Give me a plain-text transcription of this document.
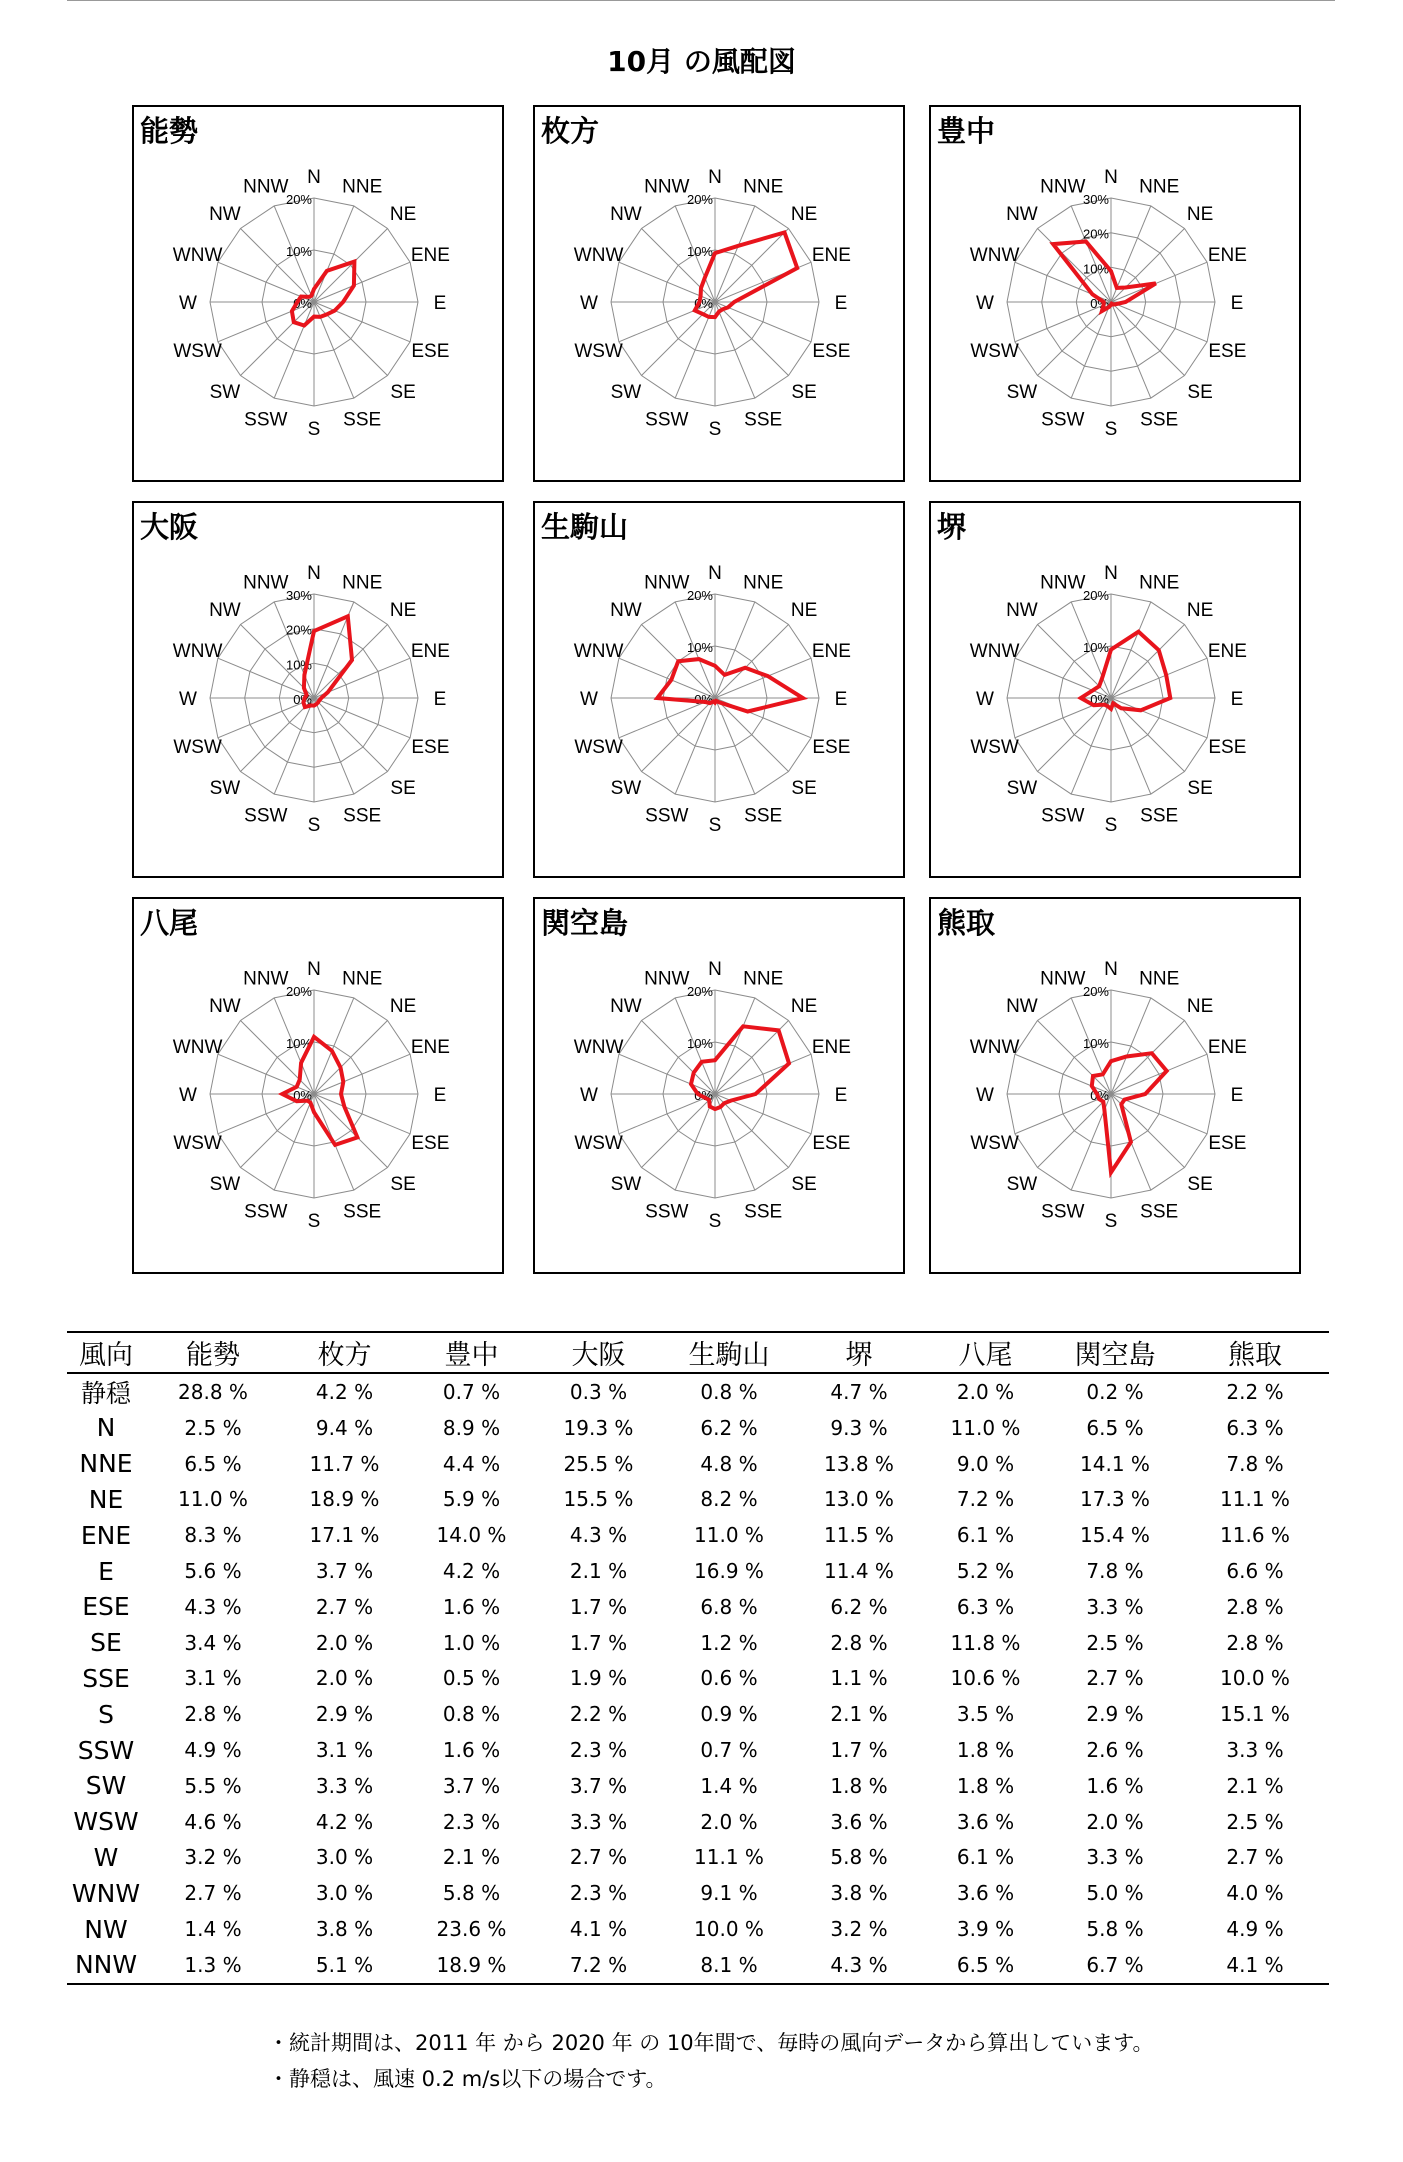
10月 の風配図
能勢
0%
10%
20%
N NNE
NE
ENE
E
ESE
SE
SSE
S
SSW
SW
WSW
W
WNW
NW
NNW
枚方
0%
10%
20%
N NNE
NE
ENE
E
ESE
SE
SSE
S
SSW
SW
WSW
W
WNW
NW
NNW
豊中
0%
10%
20%
30%
N NNE
NE
ENE
E
ESE
SE
SSE
S
SSW
SW
WSW
W
WNW
NW
NNW
大阪
0%
10%
20%
30%
N NNE
NE
ENE
E
ESE
SE
SSE
S
SSW
SW
WSW
W
WNW
NW
NNW
生駒山
0%
10%
20%
N NNE
NE
ENE
E
ESE
SE
SSE
S
SSW
SW
WSW
W
WNW
NW
NNW
堺
0%
10%
20%
N NNE
NE
ENE
E
ESE
SE
SSE
S
SSW
SW
WSW
W
WNW
NW
NNW
八尾
0%
10%
20%
N NNE
NE
ENE
E
ESE
SE
SSE
S
SSW
SW
WSW
W
WNW
NW
NNW
関空島
0%
10%
20%
N NNE
NE
ENE
E
ESE
SE
SSE
S
SSW
SW
WSW
W
WNW
NW
NNW
熊取
0%
10%
20%
N NNE
NE
ENE
E
ESE
SE
SSE
S
SSW
SW
WSW
W
WNW
NW
NNW
風向	能勢	枚方	豊中	大阪	生駒山	堺	八尾	関空島	熊取
静穏	28.8 %	4.2 %	0.7 %	0.3 %	0.8 %	4.7 %	2.0 %	0.2 %	2.2 %
N	2.5 %	9.4 %	8.9 %	19.3 %	6.2 %	9.3 %	11.0 %	6.5 %	6.3 %
NNE	6.5 %	11.7 %	4.4 %	25.5 %	4.8 %	13.8 %	9.0 %	14.1 %	7.8 %
NE	11.0 %	18.9 %	5.9 %	15.5 %	8.2 %	13.0 %	7.2 %	17.3 %	11.1 %
ENE	8.3 %	17.1 %	14.0 %	4.3 %	11.0 %	11.5 %	6.1 %	15.4 %	11.6 %
E	5.6 %	3.7 %	4.2 %	2.1 %	16.9 %	11.4 %	5.2 %	7.8 %	6.6 %
ESE	4.3 %	2.7 %	1.6 %	1.7 %	6.8 %	6.2 %	6.3 %	3.3 %	2.8 %
SE	3.4 %	2.0 %	1.0 %	1.7 %	1.2 %	2.8 %	11.8 %	2.5 %	2.8 %
SSE	3.1 %	2.0 %	0.5 %	1.9 %	0.6 %	1.1 %	10.6 %	2.7 %	10.0 %
S	2.8 %	2.9 %	0.8 %	2.2 %	0.9 %	2.1 %	3.5 %	2.9 %	15.1 %
SSW	4.9 %	3.1 %	1.6 %	2.3 %	0.7 %	1.7 %	1.8 %	2.6 %	3.3 %
SW	5.5 %	3.3 %	3.7 %	3.7 %	1.4 %	1.8 %	1.8 %	1.6 %	2.1 %
WSW	4.6 %	4.2 %	2.3 %	3.3 %	2.0 %	3.6 %	3.6 %	2.0 %	2.5 %
W	3.2 %	3.0 %	2.1 %	2.7 %	11.1 %	5.8 %	6.1 %	3.3 %	2.7 %
WNW	2.7 %	3.0 %	5.8 %	2.3 %	9.1 %	3.8 %	3.6 %	5.0 %	4.0 %
NW	1.4 %	3.8 %	23.6 %	4.1 %	10.0 %	3.2 %	3.9 %	5.8 %	4.9 %
NNW	1.3 %	5.1 %	18.9 %	7.2 %	8.1 %	4.3 %	6.5 %	6.7 %	4.1 %
・統計期間は、2011 年 から 2020 年 の 10年間で、毎時の風向データから算出しています。
・静穏は、風速 0.2 m/s以下の場合です。
